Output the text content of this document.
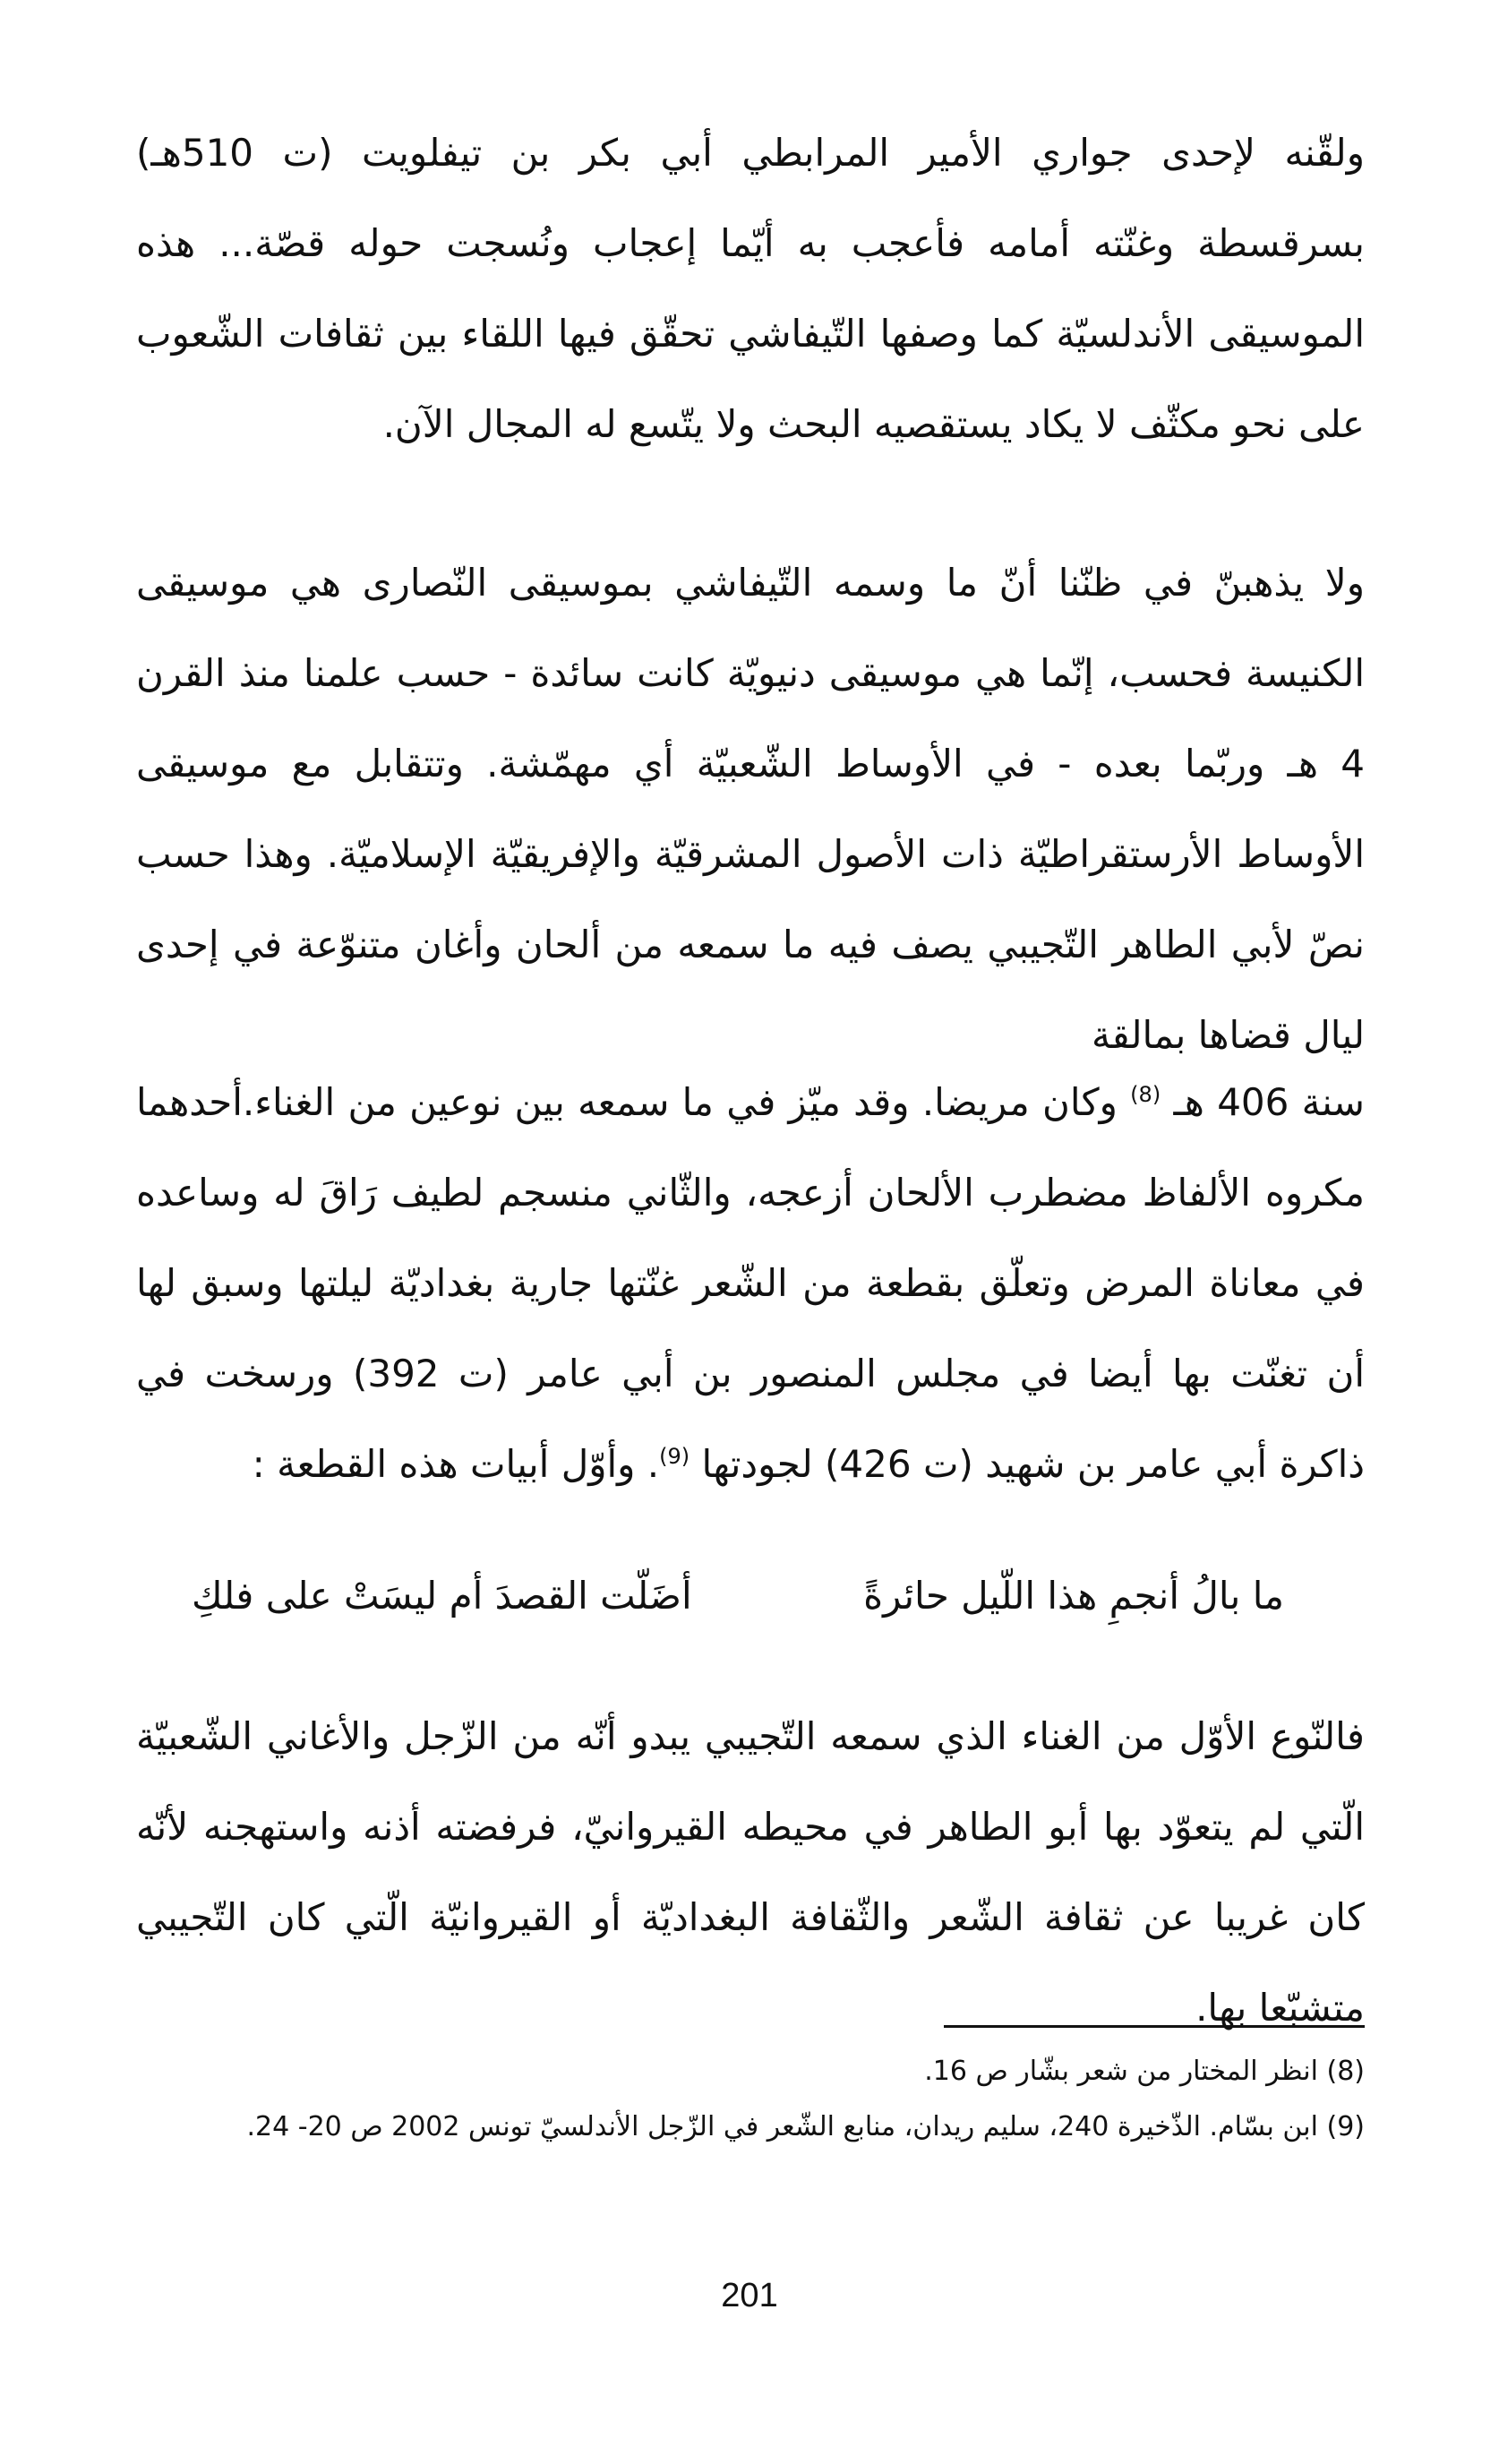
ولقّنه لإحدى جواري الأمير المرابطي أبي بكر بن تيفلويت (ت 510هـ) بسرقسطة وغنّته أمامه فأعجب به أيّما إعجاب ونُسجت حوله قصّة... هذه الموسيقى الأندلسيّة كما وصفها التّيفاشي تحقّق فيها اللقاء بين ثقافات الشّعوب على نحو مكثّف لا يكاد يستقصيه البحث ولا يتّسع له المجال الآن.

ولا يذهبنّ في ظنّنا أنّ ما وسمه التّيفاشي بموسيقى النّصارى هي موسيقى الكنيسة فحسب، إنّما هي موسيقى دنيويّة كانت سائدة - حسب علمنا منذ القرن 4 هـ وربّما بعده - في الأوساط الشّعبيّة أي مهمّشة. وتتقابل مع موسيقى الأوساط الأرستقراطيّة ذات الأصول المشرقيّة والإفريقيّة الإسلاميّة. وهذا حسب نصّ لأبي الطاهر التّجيبي يصف فيه ما سمعه من ألحان وأغان متنوّعة في إحدى ليال قضاها بمالقة

سنة 406 هـ $^{(8)}$ وكان مريضا. وقد ميّز في ما سمعه بين نوعين من الغناء.أحدهما مكروه الألفاظ مضطرب الألحان أزعجه، والثّاني منسجم لطيف رَاقَ له وساعده في معاناة المرض وتعلّق بقطعة من الشّعر غنّتها جارية بغداديّة ليلتها وسبق لها أن تغنّت بها أيضا في مجلس المنصور بن أبي عامر (ت 392) ورسخت في ذاكرة أبي عامر بن شهيد (ت 426) لجودتها $^{(9)}$. وأوّل أبيات هذه القطعة :

ما بالُ أنجمِ هذا اللّيل حائرةً
أضَلّت القصدَ أم ليسَتْ على فلكِ

فالنّوع الأوّل من الغناء الذي سمعه التّجيبي يبدو أنّه من الزّجل والأغاني الشّعبيّة الّتي لم يتعوّد بها أبو الطاهر في محيطه القيروانيّ، فرفضته أذنه واستهجنه لأنّه كان غريبا عن ثقافة الشّعر والثّقافة البغداديّة أو القيروانيّة الّتي كان التّجيبي متشبّعا بها.

(8) انظر المختار من شعر بشّار ص 16.

(9) ابن بسّام. الذّخيرة 240، سليم ريدان، منابع الشّعر في الزّجل الأندلسيّ تونس 2002 ص 20- 24.

201
